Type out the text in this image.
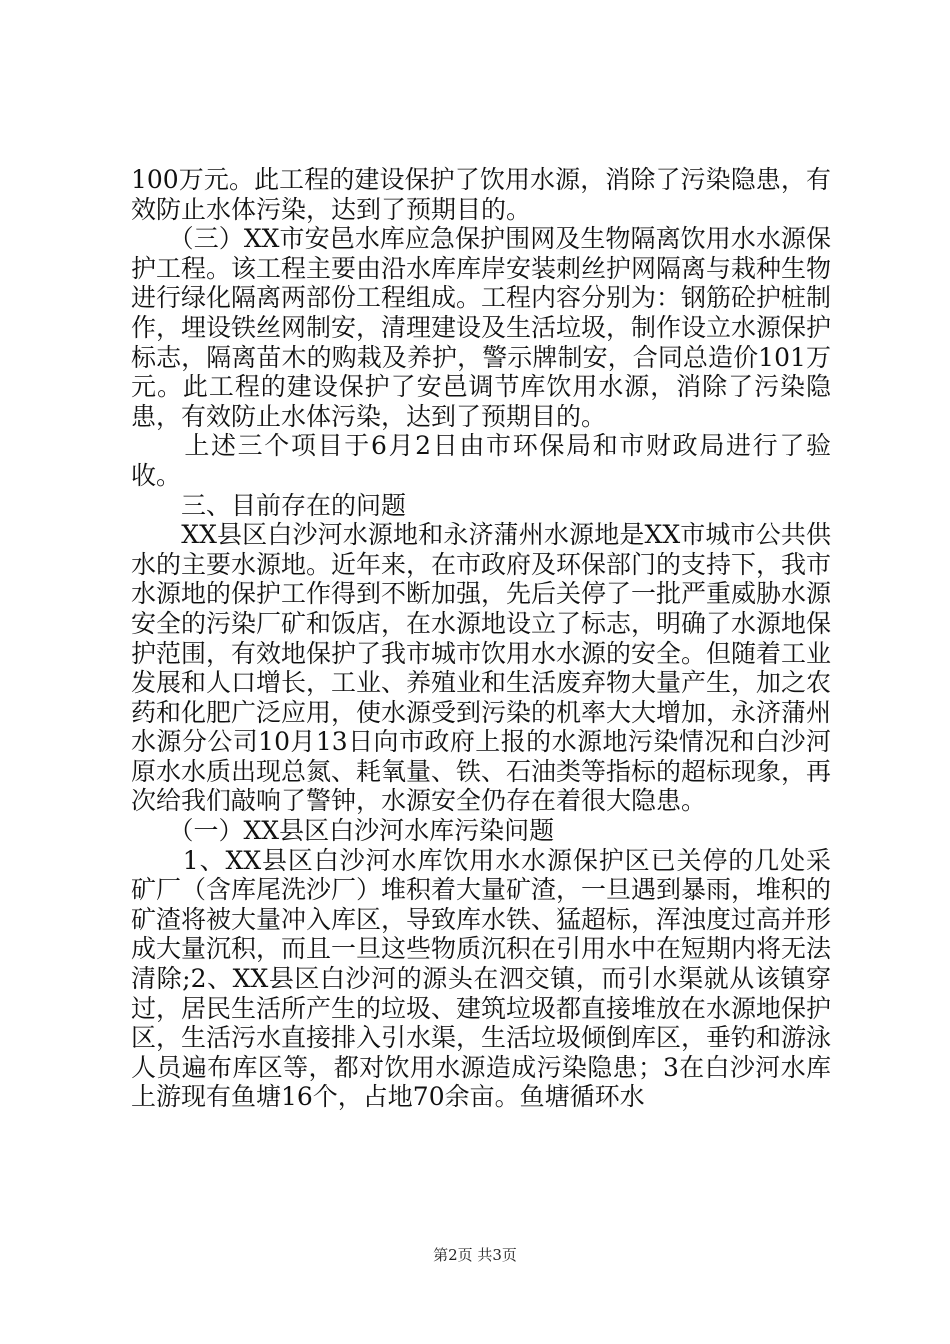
100万元。此工程的建设保护了饮用水源，消除了污染隐患，有效防止水体污染，达到了预期目的。

　　（三）XX市安邑水库应急保护围网及生物隔离饮用水水源保护工程。该工程主要由沿水库库岸安装刺丝护网隔离与栽种生物进行绿化隔离两部份工程组成。工程内容分别为：钢筋砼护桩制作，埋设铁丝网制安，清理建设及生活垃圾，制作设立水源保护标志，隔离苗木的购栽及养护，警示牌制安，合同总造价101万元。此工程的建设保护了安邑调节库饮用水源，消除了污染隐患，有效防止水体污染，达到了预期目的。

　　上述三个项目于6月2日由市环保局和市财政局进行了验收。

　　三、目前存在的问题

　　XX县区白沙河水源地和永济蒲州水源地是XX市城市公共供水的主要水源地。近年来，在市政府及环保部门的支持下，我市水源地的保护工作得到不断加强，先后关停了一批严重威胁水源安全的污染厂矿和饭店，在水源地设立了标志，明确了水源地保护范围，有效地保护了我市城市饮用水水源的安全。但随着工业发展和人口增长，工业、养殖业和生活废弃物大量产生，加之农药和化肥广泛应用，使水源受到污染的机率大大增加，永济蒲州水源分公司10月13日向市政府上报的水源地污染情况和白沙河原水水质出现总氮、耗氧量、铁、石油类等指标的超标现象，再次给我们敲响了警钟，水源安全仍存在着很大隐患。

　　（一）XX县区白沙河水库污染问题

　　1、XX县区白沙河水库饮用水水源保护区已关停的几处采矿厂（含库尾洗沙厂）堆积着大量矿渣，一旦遇到暴雨，堆积的矿渣将被大量冲入库区，导致库水铁、猛超标，浑浊度过高并形成大量沉积，而且一旦这些物质沉积在引用水中在短期内将无法清除;2、XX县区白沙河的源头在泗交镇，而引水渠就从该镇穿过，居民生活所产生的垃圾、建筑垃圾都直接堆放在水源地保护区，生活污水直接排入引水渠，生活垃圾倾倒库区，垂钓和游泳人员遍布库区等，都对饮用水源造成污染隐患；3在白沙河水库上游现有鱼塘16个，占地70余亩。鱼塘循环水

第2页 共3页
